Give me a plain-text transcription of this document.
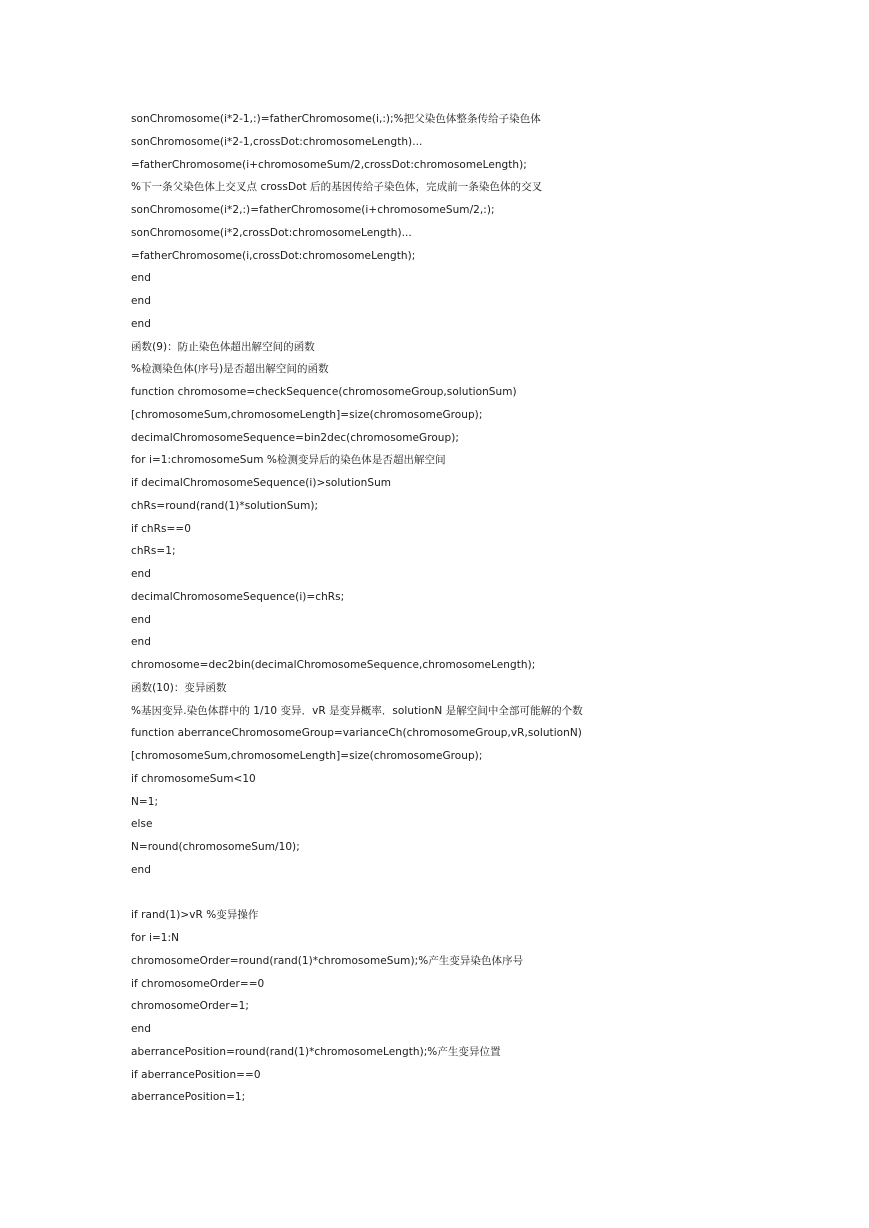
sonChromosome(i*2-1,:)=fatherChromosome(i,:);%把父染色体整条传给子染色体
sonChromosome(i*2-1,crossDot:chromosomeLength)...
=fatherChromosome(i+chromosomeSum/2,crossDot:chromosomeLength);
%下一条父染色体上交叉点 crossDot 后的基因传给子染色体，完成前一条染色体的交叉
sonChromosome(i*2,:)=fatherChromosome(i+chromosomeSum/2,:);
sonChromosome(i*2,crossDot:chromosomeLength)...
=fatherChromosome(i,crossDot:chromosomeLength);
end
end
end
函数(9)：防止染色体超出解空间的函数
%检测染色体(序号)是否超出解空间的函数
function chromosome=checkSequence(chromosomeGroup,solutionSum)
[chromosomeSum,chromosomeLength]=size(chromosomeGroup);
decimalChromosomeSequence=bin2dec(chromosomeGroup);
for i=1:chromosomeSum %检测变异后的染色体是否超出解空间
if decimalChromosomeSequence(i)>solutionSum
chRs=round(rand(1)*solutionSum);
if chRs==0
chRs=1;
end
decimalChromosomeSequence(i)=chRs;
end
end
chromosome=dec2bin(decimalChromosomeSequence,chromosomeLength);
函数(10)：变异函数
%基因变异.染色体群中的 1/10 变异．vR 是变异概率．solutionN 是解空间中全部可能解的个数
function aberranceChromosomeGroup=varianceCh(chromosomeGroup,vR,solutionN)
[chromosomeSum,chromosomeLength]=size(chromosomeGroup);
if chromosomeSum<10
N=1;
else
N=round(chromosomeSum/10);
end
if rand(1)>vR %变异操作
for i=1:N
chromosomeOrder=round(rand(1)*chromosomeSum);%产生变异染色体序号
if chromosomeOrder==0
chromosomeOrder=1;
end
aberrancePosition=round(rand(1)*chromosomeLength);%产生变异位置
if aberrancePosition==0
aberrancePosition=1;
